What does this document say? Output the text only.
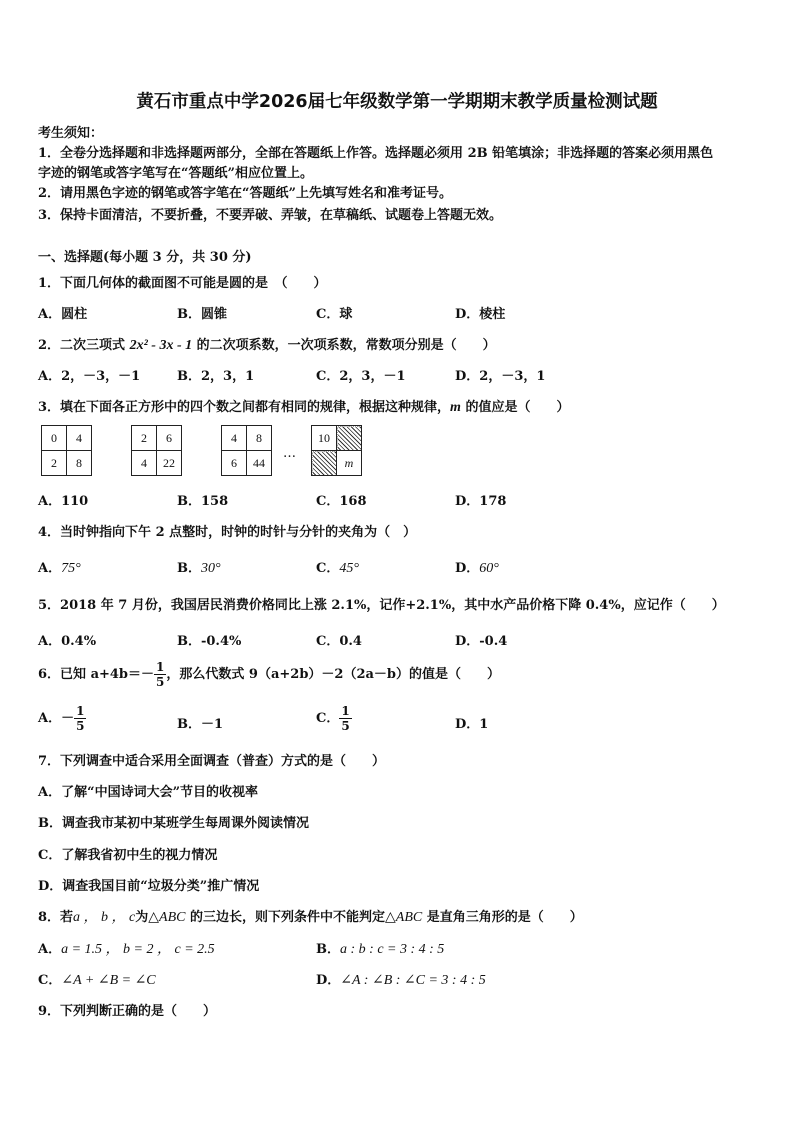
黄石市重点中学2026届七年级数学第一学期期末教学质量检测试题
考生须知：
1．全卷分选择题和非选择题两部分，全部在答题纸上作答。选择题必须用 2B 铅笔填涂；非选择题的答案必须用黑色
字迹的钢笔或答字笔写在“答题纸”相应位置上。
2．请用黑色字迹的钢笔或答字笔在“答题纸”上先填写姓名和准考证号。
3．保持卡面清洁，不要折叠，不要弄破、弄皱，在草稿纸、试题卷上答题无效。
一、选择题(每小题 3 分，共 30 分)
1．下面几何体的截面图不可能是圆的是　（　　）
A．圆柱	B．圆锥	C．球	D．棱柱
2．二次三项式 2x² - 3x - 1 的二次项系数，一次项系数，常数项分别是（　　）
A．2，－3，－1	B．2，3，1	C．2，3，－1	D．2，－3，1
3．填在下面各正方形中的四个数之间都有相同的规律，根据这种规律，m 的值应是（　　）
0	4
2	8
2	6
4	22
4	8
6	44
…
10	
	m
A．110	B．158	C．168	D．178
4．当时钟指向下午 2 点整时，时钟的时针与分针的夹角为（　）
A．75°	B．30°	C．45°	D．60°
5．2018 年 7 月份，我国居民消费价格同比上涨 2.1%，记作+2.1%，其中水产品价格下降 0.4%，应记作（　　）
A．0.4%	B．-0.4%	C．0.4	D．-0.4
6．已知 $a+4b=- \frac{1}{5}$ ，那么代数式 9（a+2b）－2（2a－b）的值是（　　）
A．－ $\frac{1}{5}$	B．－1	C． $\frac{1}{5}$	D．1
7．下列调查中适合采用全面调查（普查）方式的是（　　）
A．了解“中国诗词大会”节目的收视率
B．调查我市某初中某班学生每周课外阅读情况
C．了解我省初中生的视力情况
D．调查我国目前“垃圾分类”推广情况
8．若a ， b ， c为△ABC 的三边长，则下列条件中不能判定△ABC 是直角三角形的是（　　）
A．a = 1.5 ， b = 2 ， c = 2.5	B．a : b : c = 3 : 4 : 5
C．∠A + ∠B = ∠C	D．∠A : ∠B : ∠C = 3 : 4 : 5
9．下列判断正确的是（　　）
